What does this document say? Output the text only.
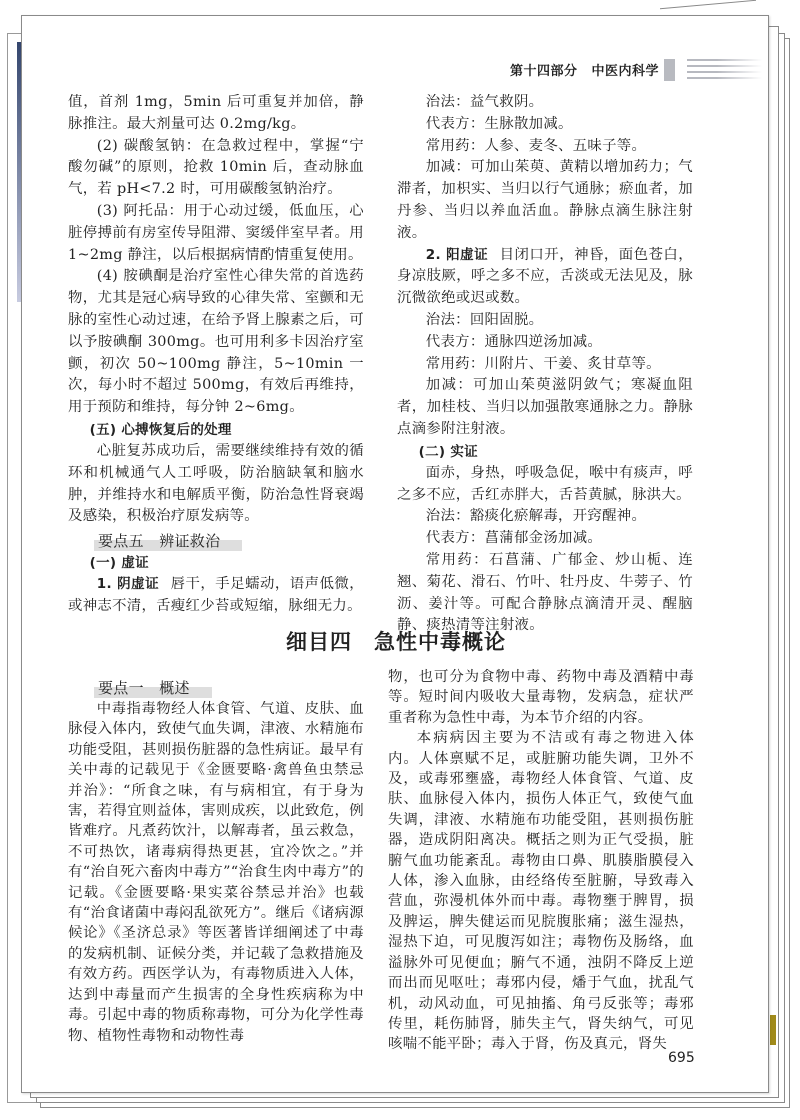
第十四部分 中医内科学

值，首剂 1mg，5min 后可重复并加倍，静脉推注。最大剂量可达 0.2mg/kg。

(2) 碳酸氢钠：在急救过程中，掌握“宁酸勿碱”的原则，抢救 10min 后，查动脉血气，若 pH<7.2 时，可用碳酸氢钠治疗。

(3) 阿托品：用于心动过缓，低血压，心脏停搏前有房室传导阻滞、窦缓伴室早者。用 1~2mg 静注，以后根据病情酌情重复使用。

(4) 胺碘酮是治疗室性心律失常的首选药物，尤其是冠心病导致的心律失常、室颤和无脉的室性心动过速，在给予肾上腺素之后，可以予胺碘酮 300mg。也可用利多卡因治疗室颤，初次 50~100mg 静注，5~10min 一次，每小时不超过 500mg，有效后再维持，用于预防和维持，每分钟 2~6mg。

(五) 心搏恢复后的处理

心脏复苏成功后，需要继续维持有效的循环和机械通气人工呼吸，防治脑缺氧和脑水肿，并维持水和电解质平衡，防治急性肾衰竭及感染，积极治疗原发病等。

要点五　辨证救治

(一) 虚证

1. 阴虚证 唇干，手足蠕动，语声低微，或神志不清，舌瘦红少苔或短缩，脉细无力。

治法：益气救阴。

代表方：生脉散加减。

常用药：人参、麦冬、五味子等。

加减：可加山茱萸、黄精以增加药力；气滞者，加枳实、当归以行气通脉；瘀血者，加丹参、当归以养血活血。静脉点滴生脉注射液。

2. 阳虚证 目闭口开，神昏，面色苍白，身凉肢厥，呼之多不应，舌淡或无法见及，脉沉微欲绝或迟或数。

治法：回阳固脱。

代表方：通脉四逆汤加减。

常用药：川附片、干姜、炙甘草等。

加减：可加山茱萸滋阴敛气；寒凝血阻者，加桂枝、当归以加强散寒通脉之力。静脉点滴参附注射液。

(二) 实证

面赤，身热，呼吸急促，喉中有痰声，呼之多不应，舌红赤胖大，舌苔黄腻，脉洪大。

治法：豁痰化瘀解毒，开窍醒神。

代表方：菖蒲郁金汤加减。

常用药：石菖蒲、广郁金、炒山栀、连翘、菊花、滑石、竹叶、牡丹皮、牛蒡子、竹沥、姜汁等。可配合静脉点滴清开灵、醒脑静、痰热清等注射液。

细目四　急性中毒概论
要点一　概述

中毒指毒物经人体食管、气道、皮肤、血脉侵入体内，致使气血失调，津液、水精施布功能受阻，甚则损伤脏器的急性病证。最早有关中毒的记载见于《金匮要略·禽兽鱼虫禁忌并治》：“所食之味，有与病相宜，有于身为害，若得宜则益体，害则成疾，以此致危，例皆难疗。凡煮药饮汁，以解毒者，虽云救急，不可热饮，诸毒病得热更甚，宜冷饮之。”并有“治自死六畜肉中毒方”“治食生肉中毒方”的记载。《金匮要略·果实菜谷禁忌并治》也载有“治食诸菌中毒闷乱欲死方”。继后《诸病源候论》《圣济总录》等医著皆详细阐述了中毒的发病机制、证候分类，并记载了急救措施及有效方药。西医学认为，有毒物质进入人体，达到中毒量而产生损害的全身性疾病称为中毒。引起中毒的物质称毒物，可分为化学性毒物、植物性毒物和动物性毒

物，也可分为食物中毒、药物中毒及酒精中毒等。短时间内吸收大量毒物，发病急，症状严重者称为急性中毒，为本节介绍的内容。

本病病因主要为不洁或有毒之物进入体内。人体禀赋不足，或脏腑功能失调，卫外不及，或毒邪壅盛，毒物经人体食管、气道、皮肤、血脉侵入体内，损伤人体正气，致使气血失调，津液、水精施布功能受阻，甚则损伤脏器，造成阴阳离决。概括之则为正气受损，脏腑气血功能紊乱。毒物由口鼻、肌腠脂膜侵入人体，渗入血脉，由经络传至脏腑，导致毒入营血，弥漫机体外而中毒。毒物壅于脾胃，损及脾运，脾失健运而见脘腹胀痛；滋生湿热，湿热下迫，可见腹泻如注；毒物伤及肠络，血溢脉外可见便血；腑气不通，浊阴不降反上逆而出而见呕吐；毒邪内侵，燔于气血，扰乱气机，动风动血，可见抽搐、角弓反张等；毒邪传里，耗伤肺肾，肺失主气，肾失纳气，可见咳喘不能平卧；毒入于肾，伤及真元，肾失

695
